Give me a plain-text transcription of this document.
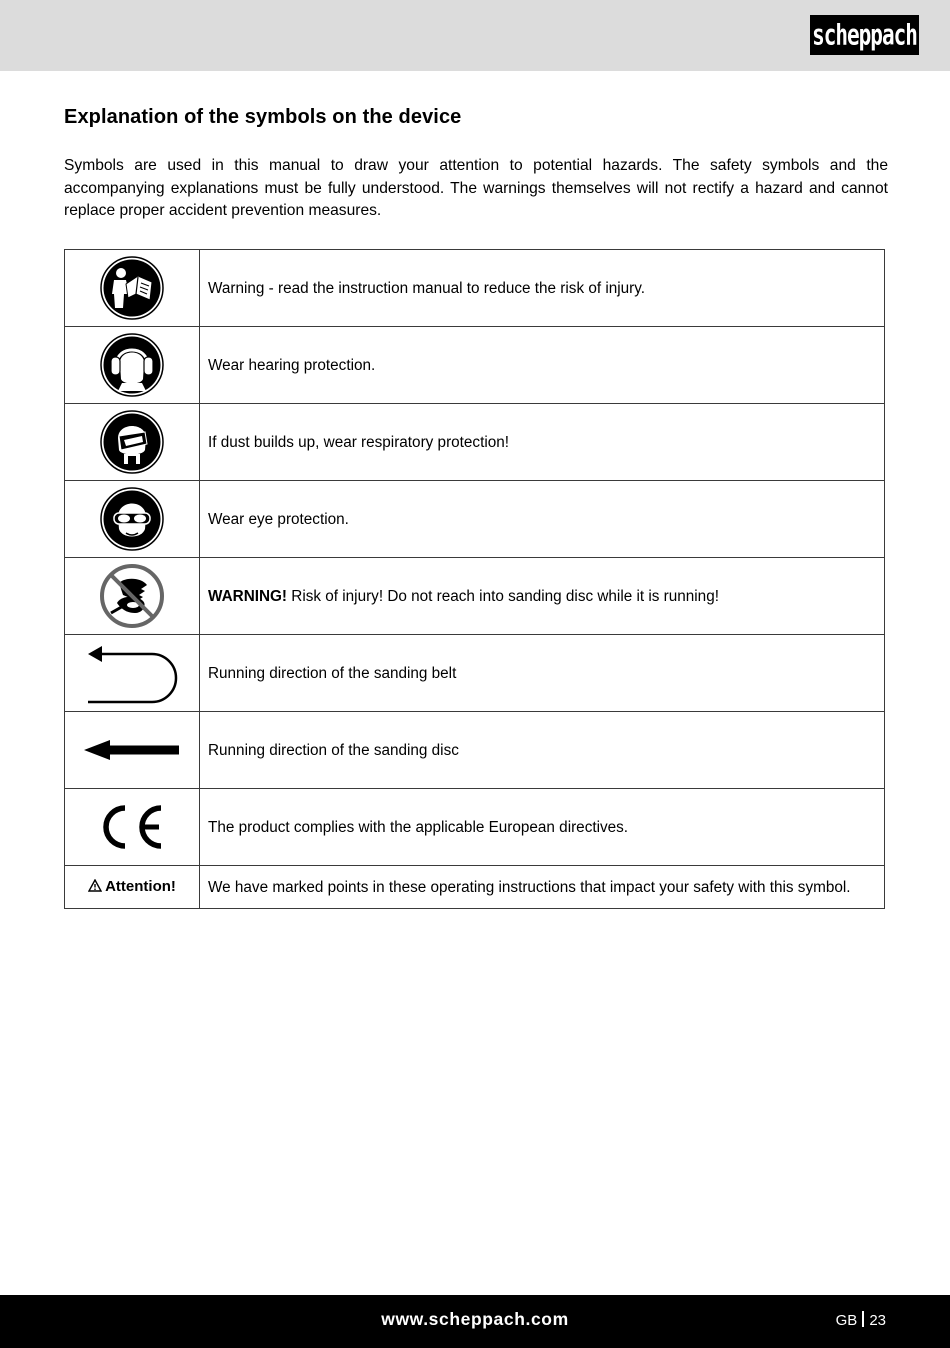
scheppach
Explanation of the symbols on the device

Symbols are used in this manual to draw your attention to potential hazards. The safety symbols and the accompanying explanations must be fully understood. The warnings themselves will not rectify a hazard and cannot replace proper accident prevention measures.

	Warning - read the instruction manual to reduce the risk of injury.

	Wear hearing protection.

	If dust builds up, wear respiratory protection!

	Wear eye protection.

	WARNING! Risk of injury! Do not reach into sanding disc while it is running!

	Running direction of the sanding belt

	Running direction of the sanding disc

	The product complies with the applicable European directives.
Attention!	We have marked points in these operating instructions that impact your safety with this symbol.
www.scheppach.com	GB 23
